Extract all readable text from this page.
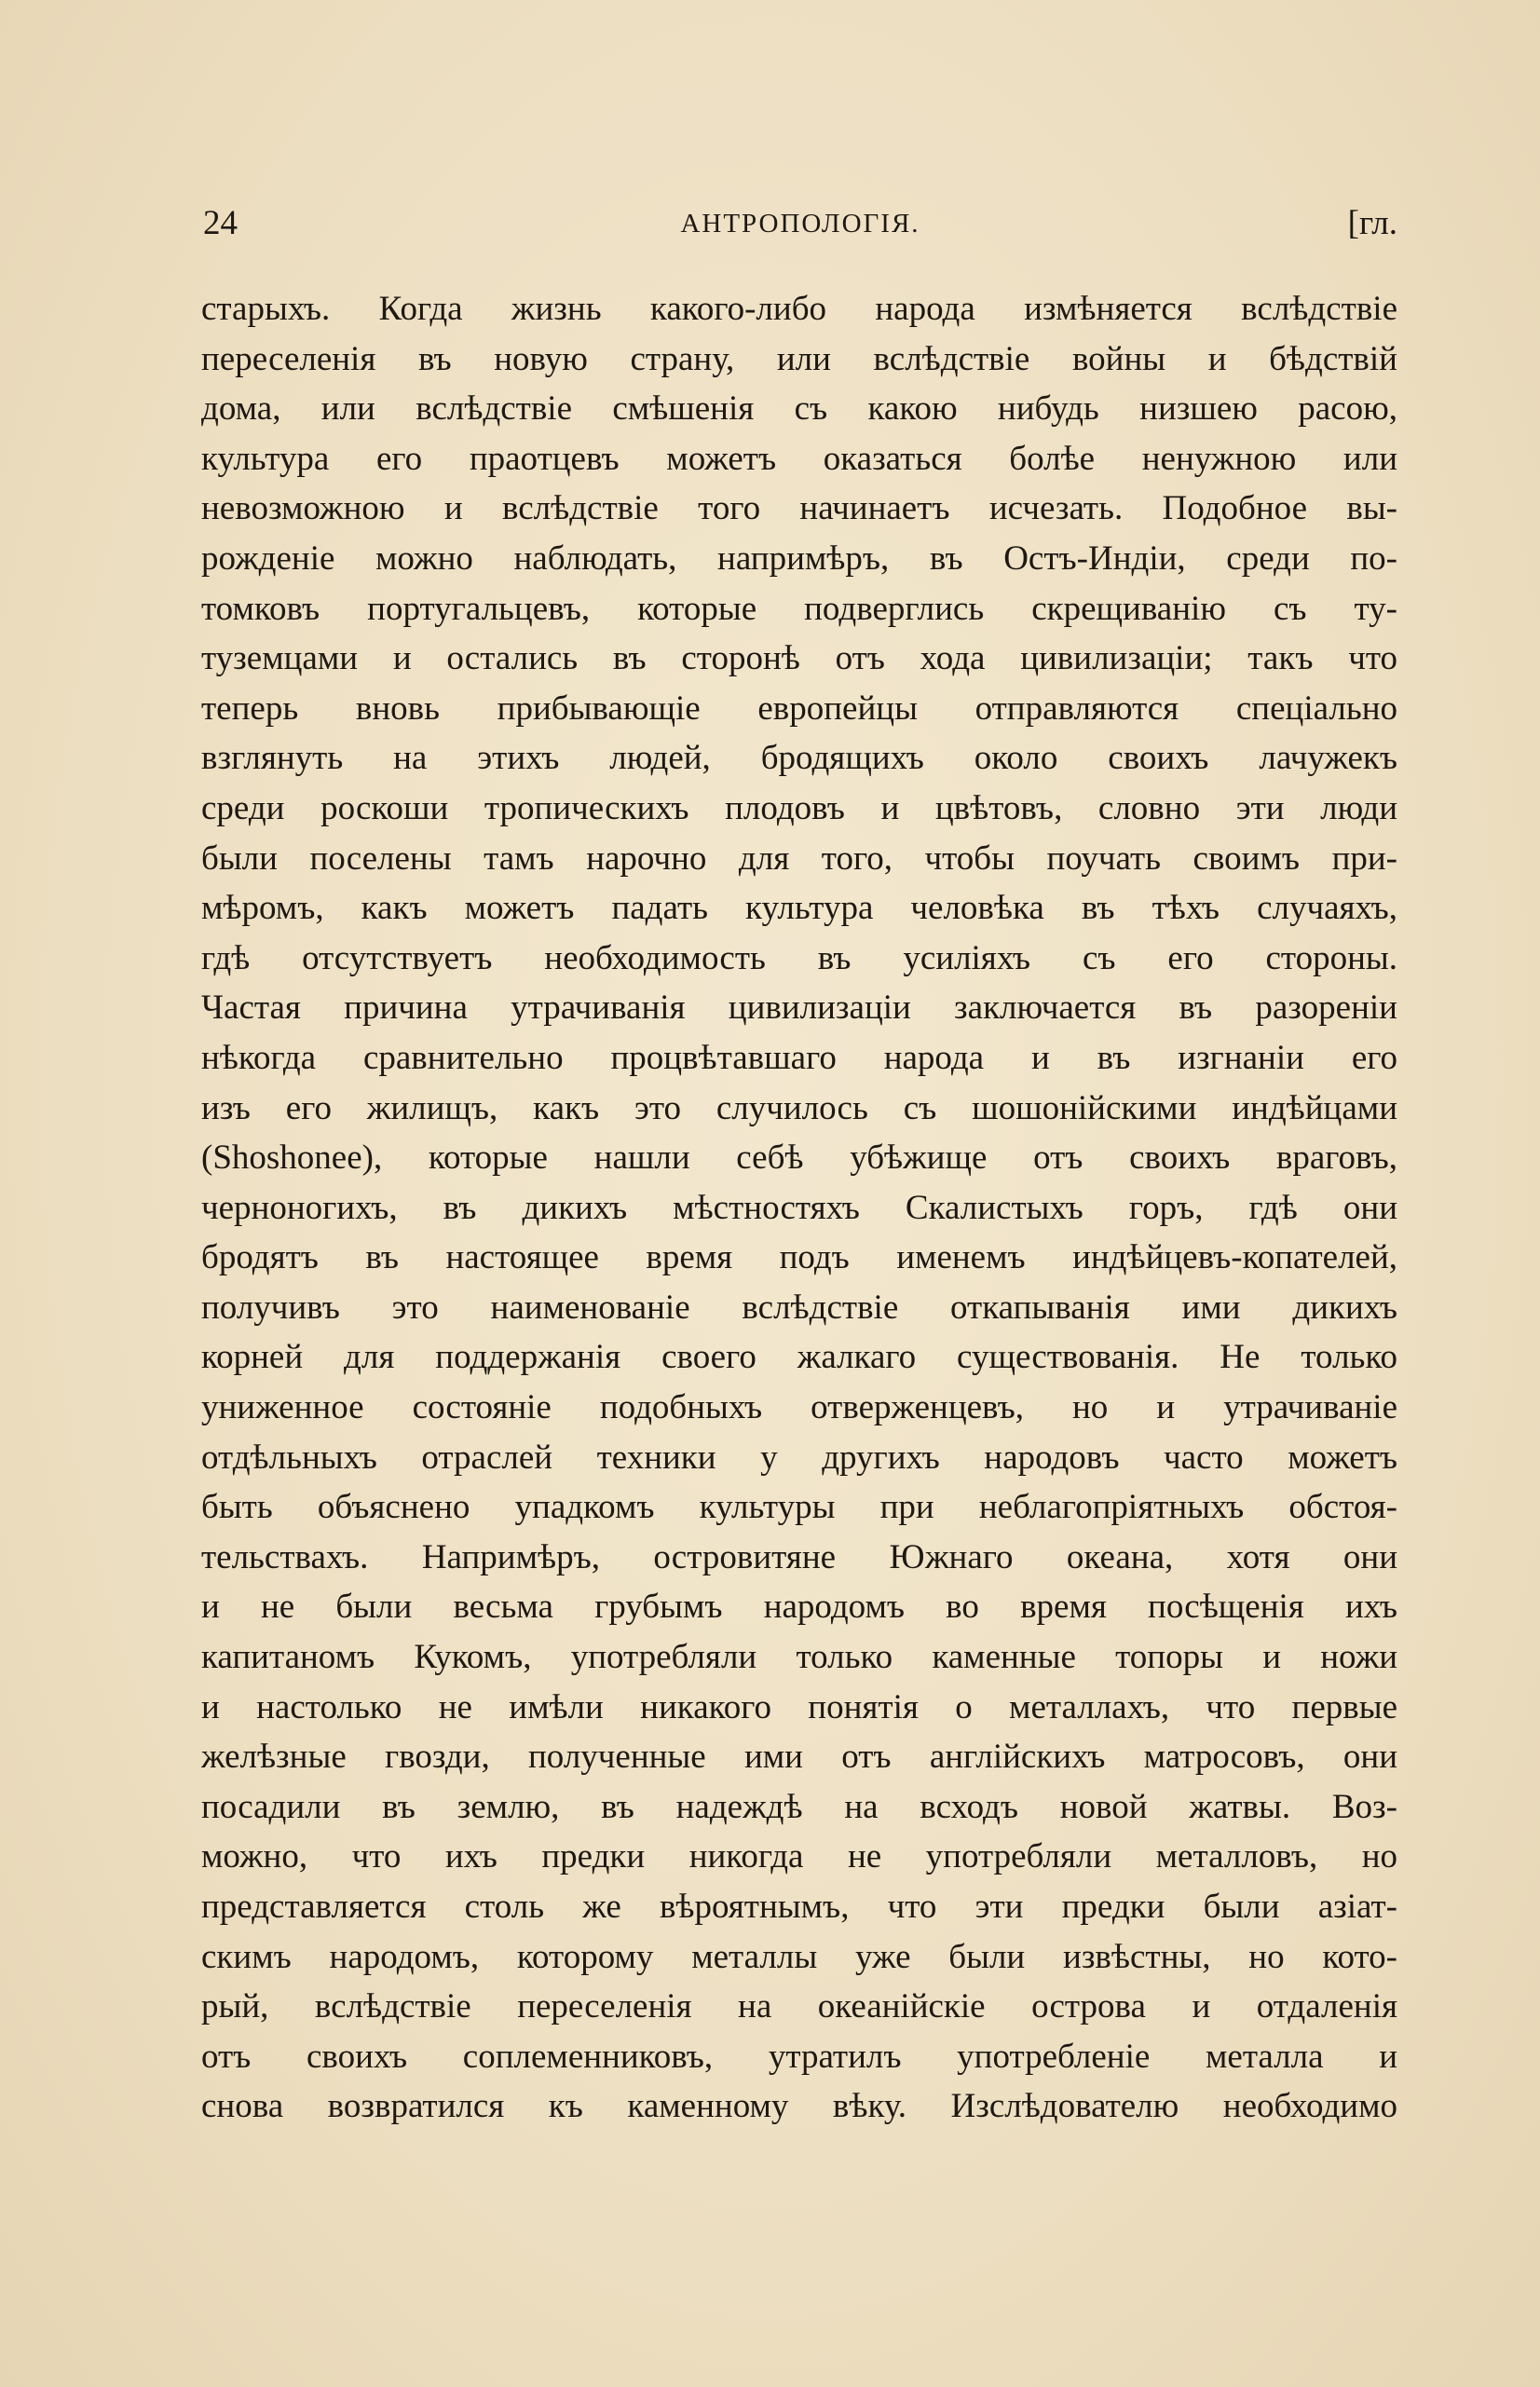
24	АНТРОПОЛОГІЯ.	[гл.
старыхъ. Когда жизнь какого-либо народа измѣняется вслѣдствіе
переселенія въ новую страну, или вслѣдствіе войны и бѣдствій
дома, или вслѣдствіе смѣшенія съ какою нибудь низшею расою,
культура его праотцевъ можетъ оказаться болѣе ненужною или
невозможною и вслѣдствіе того начинаетъ исчезать. Подобное вы-
рожденіе можно наблюдать, напримѣръ, въ Остъ-Индіи, среди по-
томковъ португальцевъ, которые подверглись скрещиванію съ ту-
туземцами и остались въ сторонѣ отъ хода цивилизаціи; такъ что
теперь вновь прибывающіе европейцы отправляются спеціально
взглянуть на этихъ людей, бродящихъ около своихъ лачужекъ
среди роскоши тропическихъ плодовъ и цвѣтовъ, словно эти люди
были поселены тамъ нарочно для того, чтобы поучать своимъ при-
мѣромъ, какъ можетъ падать культура человѣка въ тѣхъ случаяхъ,
гдѣ отсутствуетъ необходимость въ усиліяхъ съ его стороны.
Частая причина утрачиванія цивилизаціи заключается въ разореніи
нѣкогда сравнительно процвѣтавшаго народа и въ изгнаніи его
изъ его жилищъ, какъ это случилось съ шошонійскими индѣйцами
(Shoshonee), которые нашли себѣ убѣжище отъ своихъ враговъ,
черноногихъ, въ дикихъ мѣстностяхъ Скалистыхъ горъ, гдѣ они
бродятъ въ настоящее время подъ именемъ индѣйцевъ-копателей,
получивъ это наименованіе вслѣдствіе откапыванія ими дикихъ
корней для поддержанія своего жалкаго существованія. Не только
униженное состояніе подобныхъ отверженцевъ, но и утрачиваніе
отдѣльныхъ отраслей техники у другихъ народовъ часто можетъ
быть объяснено упадкомъ культуры при неблагопріятныхъ обстоя-
тельствахъ. Напримѣръ, островитяне Южнаго океана, хотя они
и не были весьма грубымъ народомъ во время посѣщенія ихъ
капитаномъ Кукомъ, употребляли только каменные топоры и ножи
и настолько не имѣли никакого понятія о металлахъ, что первые
желѣзные гвозди, полученные ими отъ англійскихъ матросовъ, они
посадили въ землю, въ надеждѣ на всходъ новой жатвы. Воз-
можно, что ихъ предки никогда не употребляли металловъ, но
представляется столь же вѣроятнымъ, что эти предки были азіат-
скимъ народомъ, которому металлы уже были извѣстны, но кото-
рый, вслѣдствіе переселенія на океанійскіе острова и отдаленія
отъ своихъ соплеменниковъ, утратилъ употребленіе металла и
снова возвратился къ каменному вѣку. Изслѣдователю необходимо
